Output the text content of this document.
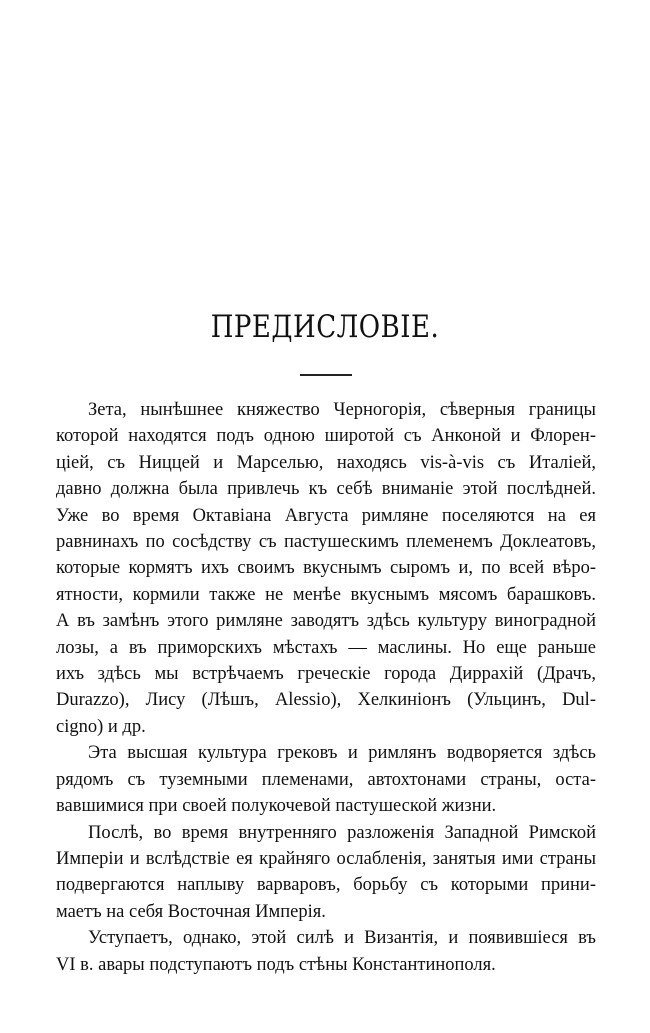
ПРЕДИСЛОВІЕ.

Зета, нынѣшнее княжество Черногорія, сѣверныя границы
которой находятся подъ одною широтой съ Анконой и Флорен-
ціей, съ Ниццей и Марселью, находясь vis-à-vis съ Италіей,
давно должна была привлечь къ себѣ вниманіе этой послѣдней.
Уже во время Октавіана Августа римляне поселяются на ея
равнинахъ по сосѣдству съ пастушескимъ племенемъ Доклеатовъ,
которые кормятъ ихъ своимъ вкуснымъ сыромъ и, по всей вѣро-
ятности, кормили также не менѣе вкуснымъ мясомъ барашковъ.
А въ замѣнъ этого римляне заводятъ здѣсь культуру виноградной
лозы, а въ приморскихъ мѣстахъ — маслины. Но еще раньше
ихъ здѣсь мы встрѣчаемъ греческіе города Дирpaхій (Драчъ,
Durazzo), Лису (Лѣшъ, Alessio), Хелкиніонъ (Ульцинъ, Dul-
cigno) и др.

Эта высшая культура грековъ и римлянъ водворяется здѣсь
рядомъ съ туземными племенами, автохтонами страны, оста-
вавшимися при своей полукочевой пастушеской жизни.

Послѣ, во время внутренняго разложенія Западной Римской
Имперіи и вслѣдствіе ея крайняго ослабленія, занятыя ими страны
подвергаются наплыву варваровъ, борьбу съ которыми прини-
маетъ на себя Восточная Имперія.

Уступаетъ, однако, этой силѣ и Византія, и появившіеся въ
VI в. авары подступаютъ подъ стѣны Константинополя.
